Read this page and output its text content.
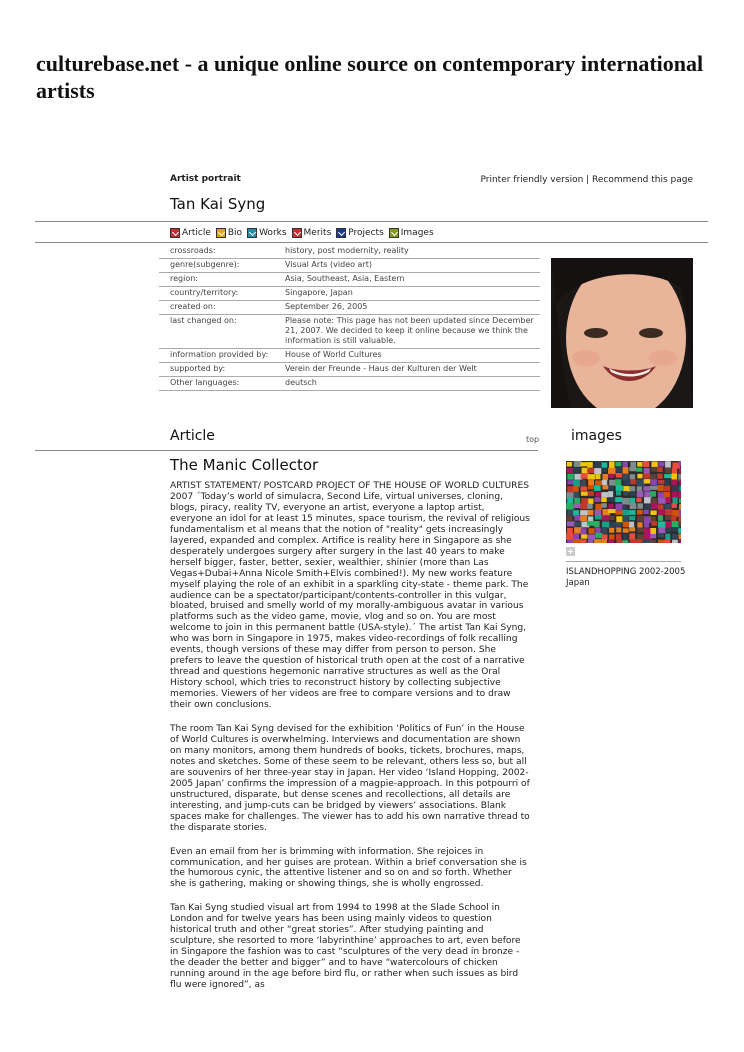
culturebase.net - a unique online source on contemporary international artists
Artist portrait	Printer friendly version | Recommend this page
Tan Kai Syng
Article Bio Works Merits Projects Images
crossroads:	history, post modernity, reality
genre(subgenre):	Visual Arts (video art)
region:	Asia, Southeast, Asia, Eastern
country/territory:	Singapore, Japan
created on:	September 26, 2005
last changed on:	Please note: This page has not been updated since December 21, 2007. We decided to keep it online because we think the information is still valuable.
information provided by:	House of World Cultures
supported by:	Verein der Freunde - Haus der Kulturen der Welt
Other languages:	deutsch
Article	top images
The Manic Collector

ARTIST STATEMENT/ POSTCARD PROJECT OF THE HOUSE OF WORLD CULTURES 2007 ´Today’s world of simulacra, Second Life, virtual universes, cloning, blogs, piracy, reality TV, everyone an artist, everyone a laptop artist, everyone an idol for at least 15 minutes, space tourism, the revival of religious fundamentalism et al means that the notion of "reality" gets increasingly layered, expanded and complex. Artifice is reality here in Singapore as she desperately undergoes surgery after surgery in the last 40 years to make herself bigger, faster, better, sexier, wealthier, shinier (more than Las Vegas+Dubai+Anna Nicole Smith+Elvis combined!). My new works feature myself playing the role of an exhibit in a sparkling city-state - theme park. The audience can be a spectator/participant/contents-controller in this vulgar, bloated, bruised and smelly world of my morally-ambiguous avatar in various platforms such as the video game, movie, vlog and so on. You are most welcome to join in this permanent battle (USA-style).´ The artist Tan Kai Syng, who was born in Singapore in 1975, makes video-recordings of folk recalling events, though versions of these may differ from person to person. She prefers to leave the question of historical truth open at the cost of a narrative thread and questions hegemonic narrative structures as well as the Oral History school, which tries to reconstruct history by collecting subjective memories. Viewers of her videos are free to compare versions and to draw their own conclusions.

The room Tan Kai Syng devised for the exhibition ‘Politics of Fun’ in the House of World Cultures is overwhelming. Interviews and documentation are shown on many monitors, among them hundreds of books, tickets, brochures, maps, notes and sketches. Some of these seem to be relevant, others less so, but all are souvenirs of her three-year stay in Japan. Her video ‘Island Hopping, 2002-2005 Japan’ confirms the impression of a magpie-approach. In this potpourri of unstructured, disparate, but dense scenes and recollections, all details are interesting, and jump-cuts can be bridged by viewers’ associations. Blank spaces make for challenges. The viewer has to add his own narrative thread to the disparate stories.

Even an email from her is brimming with information. She rejoices in communication, and her guises are protean. Within a brief conversation she is the humorous cynic, the attentive listener and so on and so forth. Whether she is gathering, making or showing things, she is wholly engrossed.

Tan Kai Syng studied visual art from 1994 to 1998 at the Slade School in London and for twelve years has been using mainly videos to question historical truth and other “great stories”. After studying painting and sculpture, she resorted to more ‘labyrinthine’ approaches to art, even before in Singapore the fashion was to cast “sculptures of the very dead in bronze - the deader the better and bigger” and to have “watercolours of chicken running around in the age before bird flu, or rather when such issues as bird flu were ignored”, as

ISLANDHOPPING 2002-2005 Japan
